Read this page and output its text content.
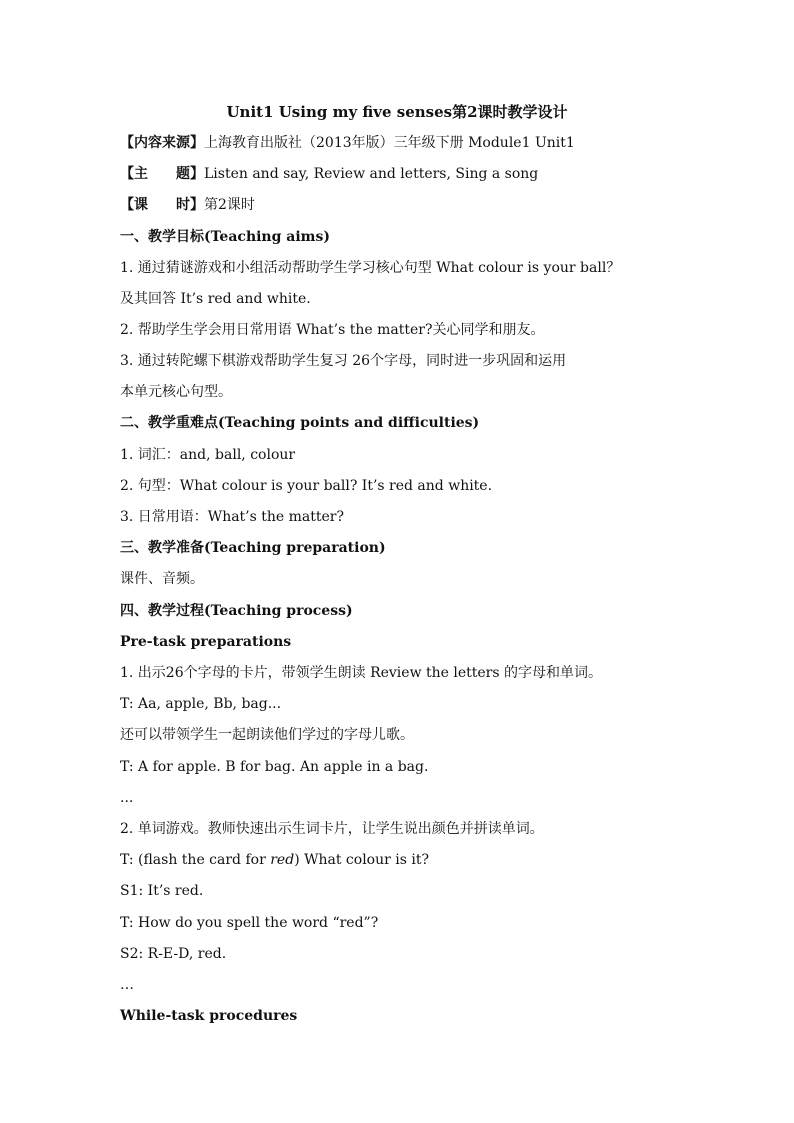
Unit1 Using my five senses第2课时教学设计
【内容来源】上海教育出版社（2013年版）三年级下册 Module1 Unit1
【主　　题】Listen and say, Review and letters, Sing a song
【课　　时】第2课时
一、教学目标(Teaching aims)
1. 通过猜谜游戏和小组活动帮助学生学习核心句型 What colour is your ball？
及其回答 It’s red and white.
2. 帮助学生学会用日常用语 What’s the matter?关心同学和朋友。
3. 通过转陀螺下棋游戏帮助学生复习 26个字母，同时进一步巩固和运用
本单元核心句型。
二、教学重难点(Teaching points and difficulties)
1. 词汇：and, ball, colour
2. 句型：What colour is your ball? It’s red and white.
3. 日常用语：What’s the matter?
三、教学准备(Teaching preparation)
课件、音频。
四、教学过程(Teaching process)
Pre-task preparations
1. 出示26个字母的卡片，带领学生朗读 Review the letters 的字母和单词。
T: Aa, apple, Bb, bag...
还可以带领学生一起朗读他们学过的字母儿歌。
T: A for apple. B for bag. An apple in a bag.
...
2. 单词游戏。教师快速出示生词卡片，让学生说出颜色并拼读单词。
T: (flash the card for red) What colour is it?
S1: It’s red.
T: How do you spell the word “red”?
S2: R-E-D, red.
…
While-task procedures
